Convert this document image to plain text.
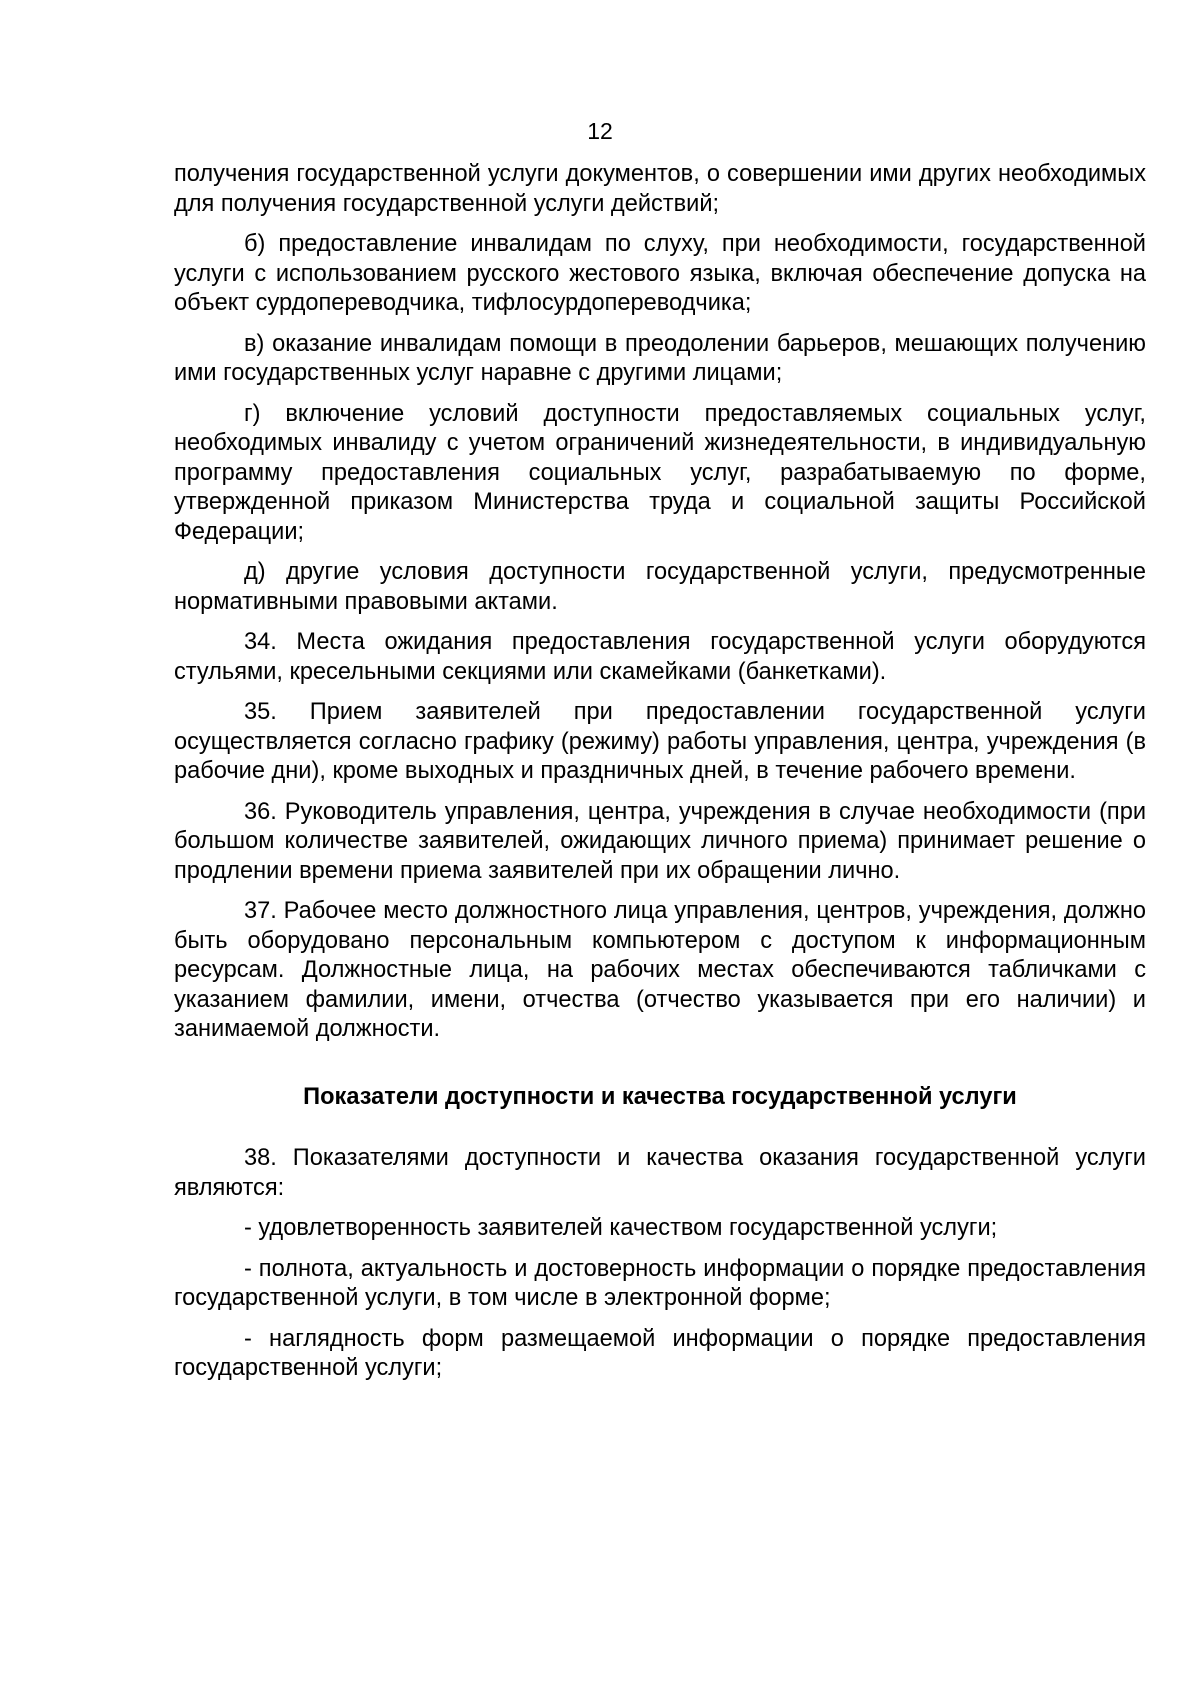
12

получения государственной услуги документов, о совершении ими других необходимых для получения государственной услуги действий;

б) предоставление инвалидам по слуху, при необходимости, государственной услуги с использованием русского жестового языка, включая обеспечение допуска на объект сурдопереводчика, тифлосурдопереводчика;

в) оказание инвалидам помощи в преодолении барьеров, мешающих получению ими государственных услуг наравне с другими лицами;

г) включение условий доступности предоставляемых социальных услуг, необходимых инвалиду с учетом ограничений жизнедеятельности, в индивидуальную программу предоставления социальных услуг, разрабатываемую по форме, утвержденной приказом Министерства труда и социальной защиты Российской Федерации;

д) другие условия доступности государственной услуги, предусмотренные нормативными правовыми актами.

34. Места ожидания предоставления государственной услуги оборудуются стульями, кресельными секциями или скамейками (банкетками).

35. Прием заявителей при предоставлении государственной услуги осуществляется согласно графику (режиму) работы управления, центра, учреждения (в рабочие дни), кроме выходных и праздничных дней, в течение рабочего времени.

36. Руководитель управления, центра, учреждения в случае необходимости (при большом количестве заявителей, ожидающих личного приема) принимает решение о продлении времени приема заявителей при их обращении лично.

37. Рабочее место должностного лица управления, центров, учреждения, должно быть оборудовано персональным компьютером с доступом к информационным ресурсам. Должностные лица, на рабочих местах обеспечиваются табличками с указанием фамилии, имени, отчества (отчество указывается при его наличии) и занимаемой должности.

Показатели доступности и качества государственной услуги

38. Показателями доступности и качества оказания государственной услуги являются:

- удовлетворенность заявителей качеством государственной услуги;

- полнота, актуальность и достоверность информации о порядке предоставления государственной услуги, в том числе в электронной форме;

- наглядность форм размещаемой информации о порядке предоставления государственной услуги;
